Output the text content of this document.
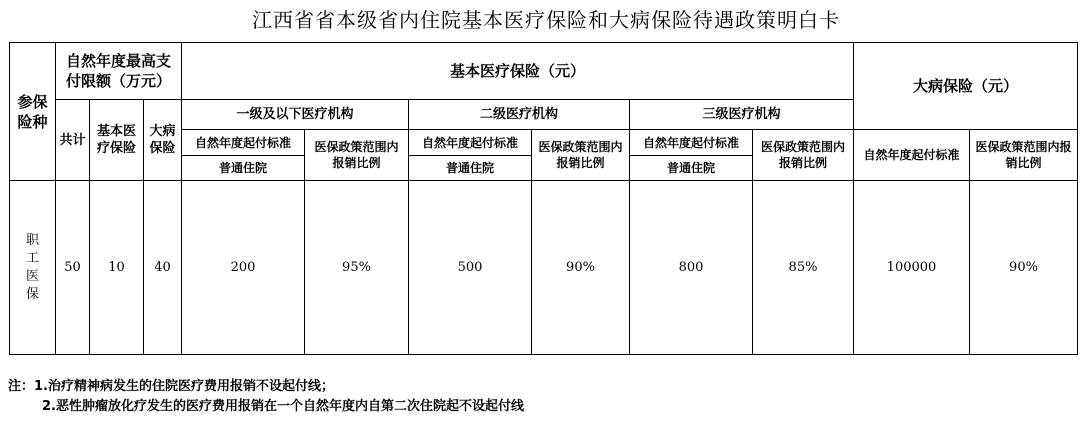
江西省省本级省内住院基本医疗保险和大病保险待遇政策明白卡
参保险种	自然年度最高支付限额（万元）			基本医疗保险（元）						大病保险（元）	
	共计	基本医疗保险	大病保险	一级及以下医疗机构		二级医疗机构		三级医疗机构			
				自然年度起付标准	医保政策范围内报销比例	自然年度起付标准	医保政策范围内报销比例	自然年度起付标准	医保政策范围内报销比例	自然年度起付标准	医保政策范围内报销比例
				普通住院		普通住院		普通住院			
职工医保	50	10	40	200	95%	500	90%	800	85%	100000	90%
注：1.治疗精神病发生的住院医疗费用报销不设起付线；
2.恶性肿瘤放化疗发生的医疗费用报销在一个自然年度内自第二次住院起不设起付线
